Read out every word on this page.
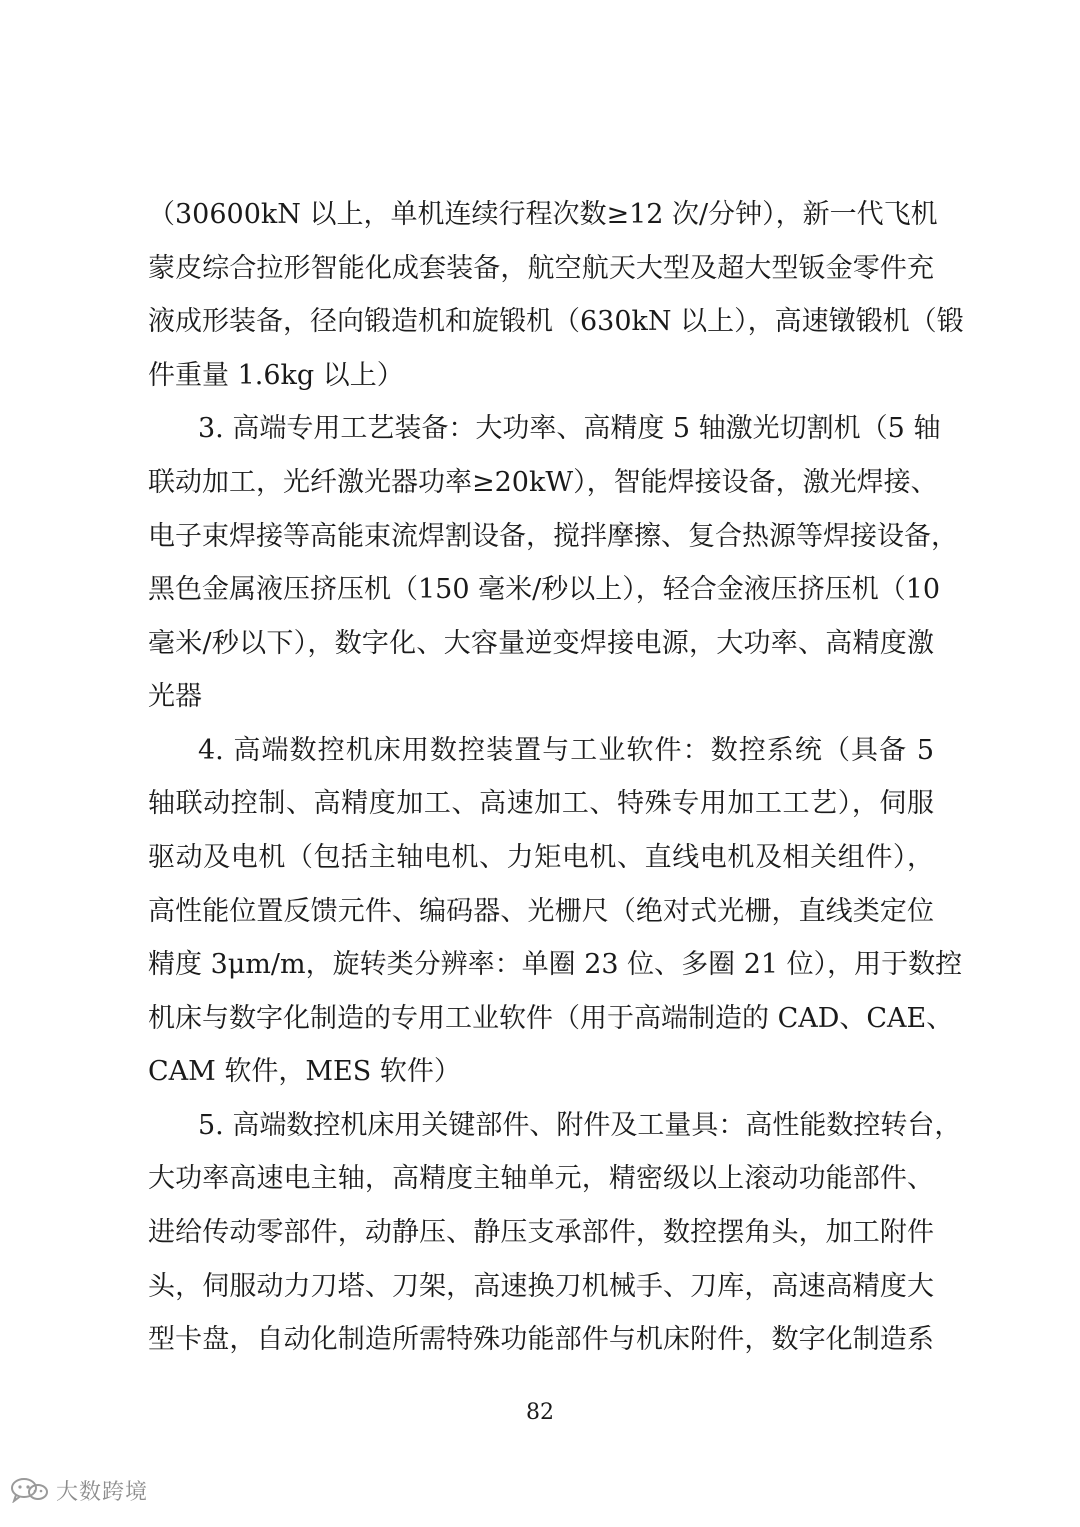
（30600kN 以上，单机连续行程次数≥12 次/分钟），新一代飞机
蒙皮综合拉形智能化成套装备，航空航天大型及超大型钣金零件充
液成形装备，径向锻造机和旋锻机（630kN 以上），高速镦锻机（锻
件重量 1.6kg 以上）
3. 高端专用工艺装备：大功率、高精度 5 轴激光切割机（5 轴
联动加工，光纤激光器功率≥20kW），智能焊接设备，激光焊接、
电子束焊接等高能束流焊割设备，搅拌摩擦、复合热源等焊接设备，
黑色金属液压挤压机（150 毫米/秒以上），轻合金液压挤压机（10
毫米/秒以下），数字化、大容量逆变焊接电源，大功率、高精度激
光器
4. 高端数控机床用数控装置与工业软件：数控系统（具备 5
轴联动控制、高精度加工、高速加工、特殊专用加工工艺），伺服
驱动及电机（包括主轴电机、力矩电机、直线电机及相关组件），
高性能位置反馈元件、编码器、光栅尺（绝对式光栅，直线类定位
精度 3μm/m，旋转类分辨率：单圈 23 位、多圈 21 位），用于数控
机床与数字化制造的专用工业软件（用于高端制造的 CAD、CAE、
CAM 软件，MES 软件）
5. 高端数控机床用关键部件、附件及工量具：高性能数控转台，
大功率高速电主轴，高精度主轴单元，精密级以上滚动功能部件、
进给传动零部件，动静压、静压支承部件，数控摆角头，加工附件
头，伺服动力刀塔、刀架，高速换刀机械手、刀库，高速高精度大
型卡盘，自动化制造所需特殊功能部件与机床附件，数字化制造系
82
大数跨境
